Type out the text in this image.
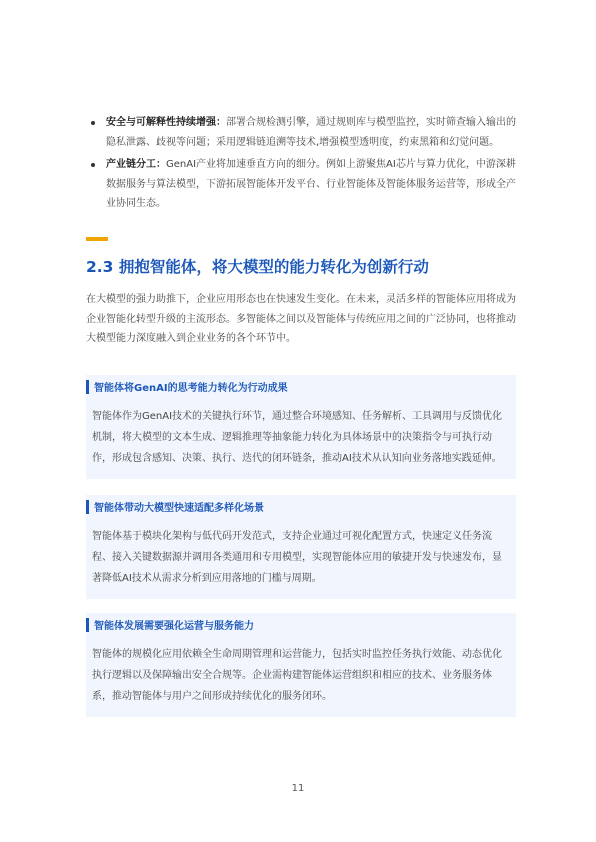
安全与可解释性持续增强：部署合规检测引擎，通过规则库与模型监控，实时筛查输入输出的隐私泄露、歧视等问题；采用逻辑链追溯等技术,增强模型透明度，约束黑箱和幻觉问题。
产业链分工：GenAI产业将加速垂直方向的细分。例如上游聚焦AI芯片与算力优化，中游深耕数据服务与算法模型，下游拓展智能体开发平台、行业智能体及智能体服务运营等，形成全产业协同生态。
2.3 拥抱智能体，将大模型的能力转化为创新行动
在大模型的强力助推下，企业应用形态也在快速发生变化。在未来，灵活多样的智能体应用将成为企业智能化转型升级的主流形态。多智能体之间以及智能体与传统应用之间的广泛协同，也将推动大模型能力深度融入到企业业务的各个环节中。
智能体将GenAI的思考能力转化为行动成果
智能体作为GenAI技术的关键执行环节，通过整合环境感知、任务解析、工具调用与反馈优化机制，将大模型的文本生成、逻辑推理等抽象能力转化为具体场景中的决策指令与可执行动作，形成包含感知、决策、执行、迭代的闭环链条，推动AI技术从认知向业务落地实践延伸。
智能体带动大模型快速适配多样化场景
智能体基于模块化架构与低代码开发范式，支持企业通过可视化配置方式，快速定义任务流程、接入关键数据源并调用各类通用和专用模型，实现智能体应用的敏捷开发与快速发布，显著降低AI技术从需求分析到应用落地的门槛与周期。
智能体发展需要强化运营与服务能力
智能体的规模化应用依赖全生命周期管理和运营能力，包括实时监控任务执行效能、动态优化执行逻辑以及保障输出安全合规等。企业需构建智能体运营组织和相应的技术、业务服务体系，推动智能体与用户之间形成持续优化的服务闭环。
11
